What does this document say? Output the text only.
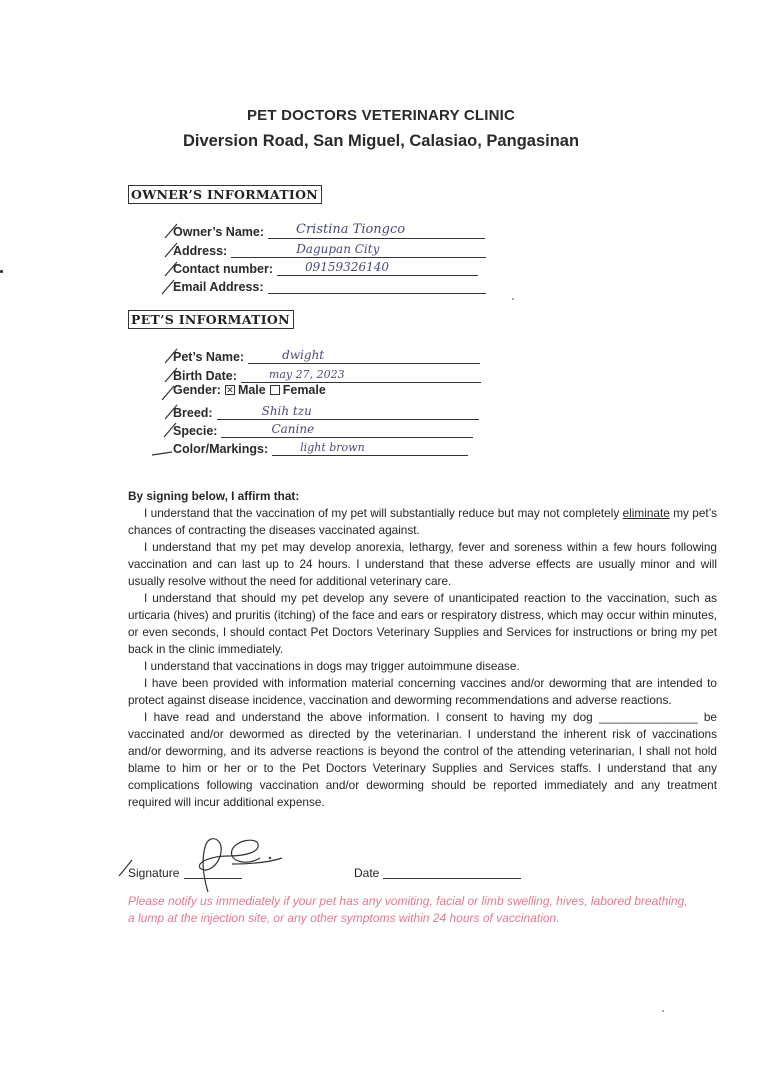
PET DOCTORS VETERINARY CLINIC
Diversion Road, San Miguel, Calasiao, Pangasinan
OWNER’S INFORMATION
Owner’s Name: Cristina Tiongco
Address:	Dagupan City
Contact number:	09159326140
Email Address:
PET’S INFORMATION
Pet’s Name:	dwight
Birth Date:	may 27, 2023
Gender: ✕ Male Female
Breed:	Shih tzu
Specie:	Canine
Color/Markings:	light brown
By signing below, I affirm that:

I understand that the vaccination of my pet will substantially reduce but may not completely eliminate my pet’s chances of contracting the diseases vaccinated against.

I understand that my pet may develop anorexia, lethargy, fever and soreness within a few hours following vaccination and can last up to 24 hours. I understand that these adverse effects are usually minor and will usually resolve without the need for additional veterinary care.

I understand that should my pet develop any severe of unanticipated reaction to the vaccination, such as urticaria (hives) and pruritis (itching) of the face and ears or respiratory distress, which may occur within minutes, or even seconds, I should contact Pet Doctors Veterinary Supplies and Services for instructions or bring my pet back in the clinic immediately.

I understand that vaccinations in dogs may trigger autoimmune disease.

I have been provided with information material concerning vaccines and/or deworming that are intended to protect against disease incidence, vaccination and deworming recommendations and adverse reactions.

I have read and understand the above information. I consent to having my dog _______________ be vaccinated and/or dewormed as directed by the veterinarian. I understand the inherent risk of vaccinations and/or deworming, and its adverse reactions is beyond the control of the attending veterinarian, I shall not hold blame to him or her or to the Pet Doctors Veterinary Supplies and Services staffs. I understand that any complications following vaccination and/or deworming should be reported immediately and any treatment required will incur additional expense.

Signature	Date
Please notify us immediately if your pet has any vomiting, facial or limb swelling, hives, labored breathing, a lump at the injection site, or any other symptoms within 24 hours of vaccination.
